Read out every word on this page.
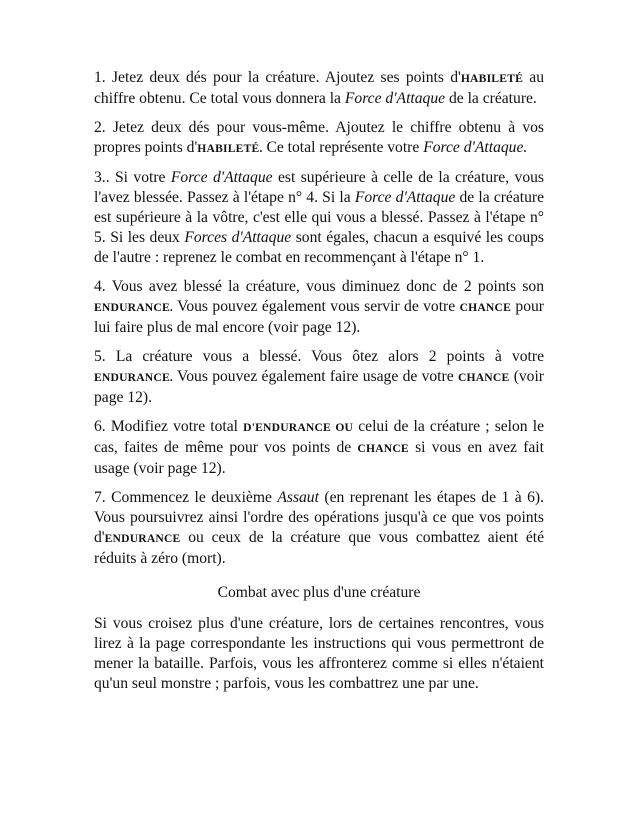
1. Jetez deux dés pour la créature. Ajoutez ses points d'HABILETÉ au chiffre obtenu. Ce total vous donnera la Force d'Attaque de la créature.

2. Jetez deux dés pour vous-même. Ajoutez le chiffre obtenu à vos propres points d'HABILETÉ. Ce total représente votre Force d'Attaque.

3.. Si votre Force d'Attaque est supérieure à celle de la créature, vous l'avez blessée. Passez à l'étape n° 4. Si la Force d'Attaque de la créature est supérieure à la vôtre, c'est elle qui vous a blessé. Passez à l'étape n° 5. Si les deux Forces d'Attaque sont égales, chacun a esquivé les coups de l'autre : reprenez le combat en recommençant à l'étape n° 1.

4. Vous avez blessé la créature, vous diminuez donc de 2 points son ENDURANCE. Vous pouvez également vous servir de votre CHANCE pour lui faire plus de mal encore (voir page 12).

5. La créature vous a blessé. Vous ôtez alors 2 points à votre ENDURANCE. Vous pouvez également faire usage de votre CHANCE (voir page 12).

6. Modifiez votre total D'ENDURANCE OU celui de la créature ; selon le cas, faites de même pour vos points de CHANCE si vous en avez fait usage (voir page 12).

7. Commencez le deuxième Assaut (en reprenant les étapes de 1 à 6). Vous poursuivrez ainsi l'ordre des opérations jusqu'à ce que vos points d'ENDURANCE ou ceux de la créature que vous combattez aient été réduits à zéro (mort).

Combat avec plus d'une créature

Si vous croisez plus d'une créature, lors de certaines rencontres, vous lirez à la page correspondante les instructions qui vous permettront de mener la bataille. Parfois, vous les affronterez comme si elles n'étaient qu'un seul monstre ; parfois, vous les combattrez une par une.
